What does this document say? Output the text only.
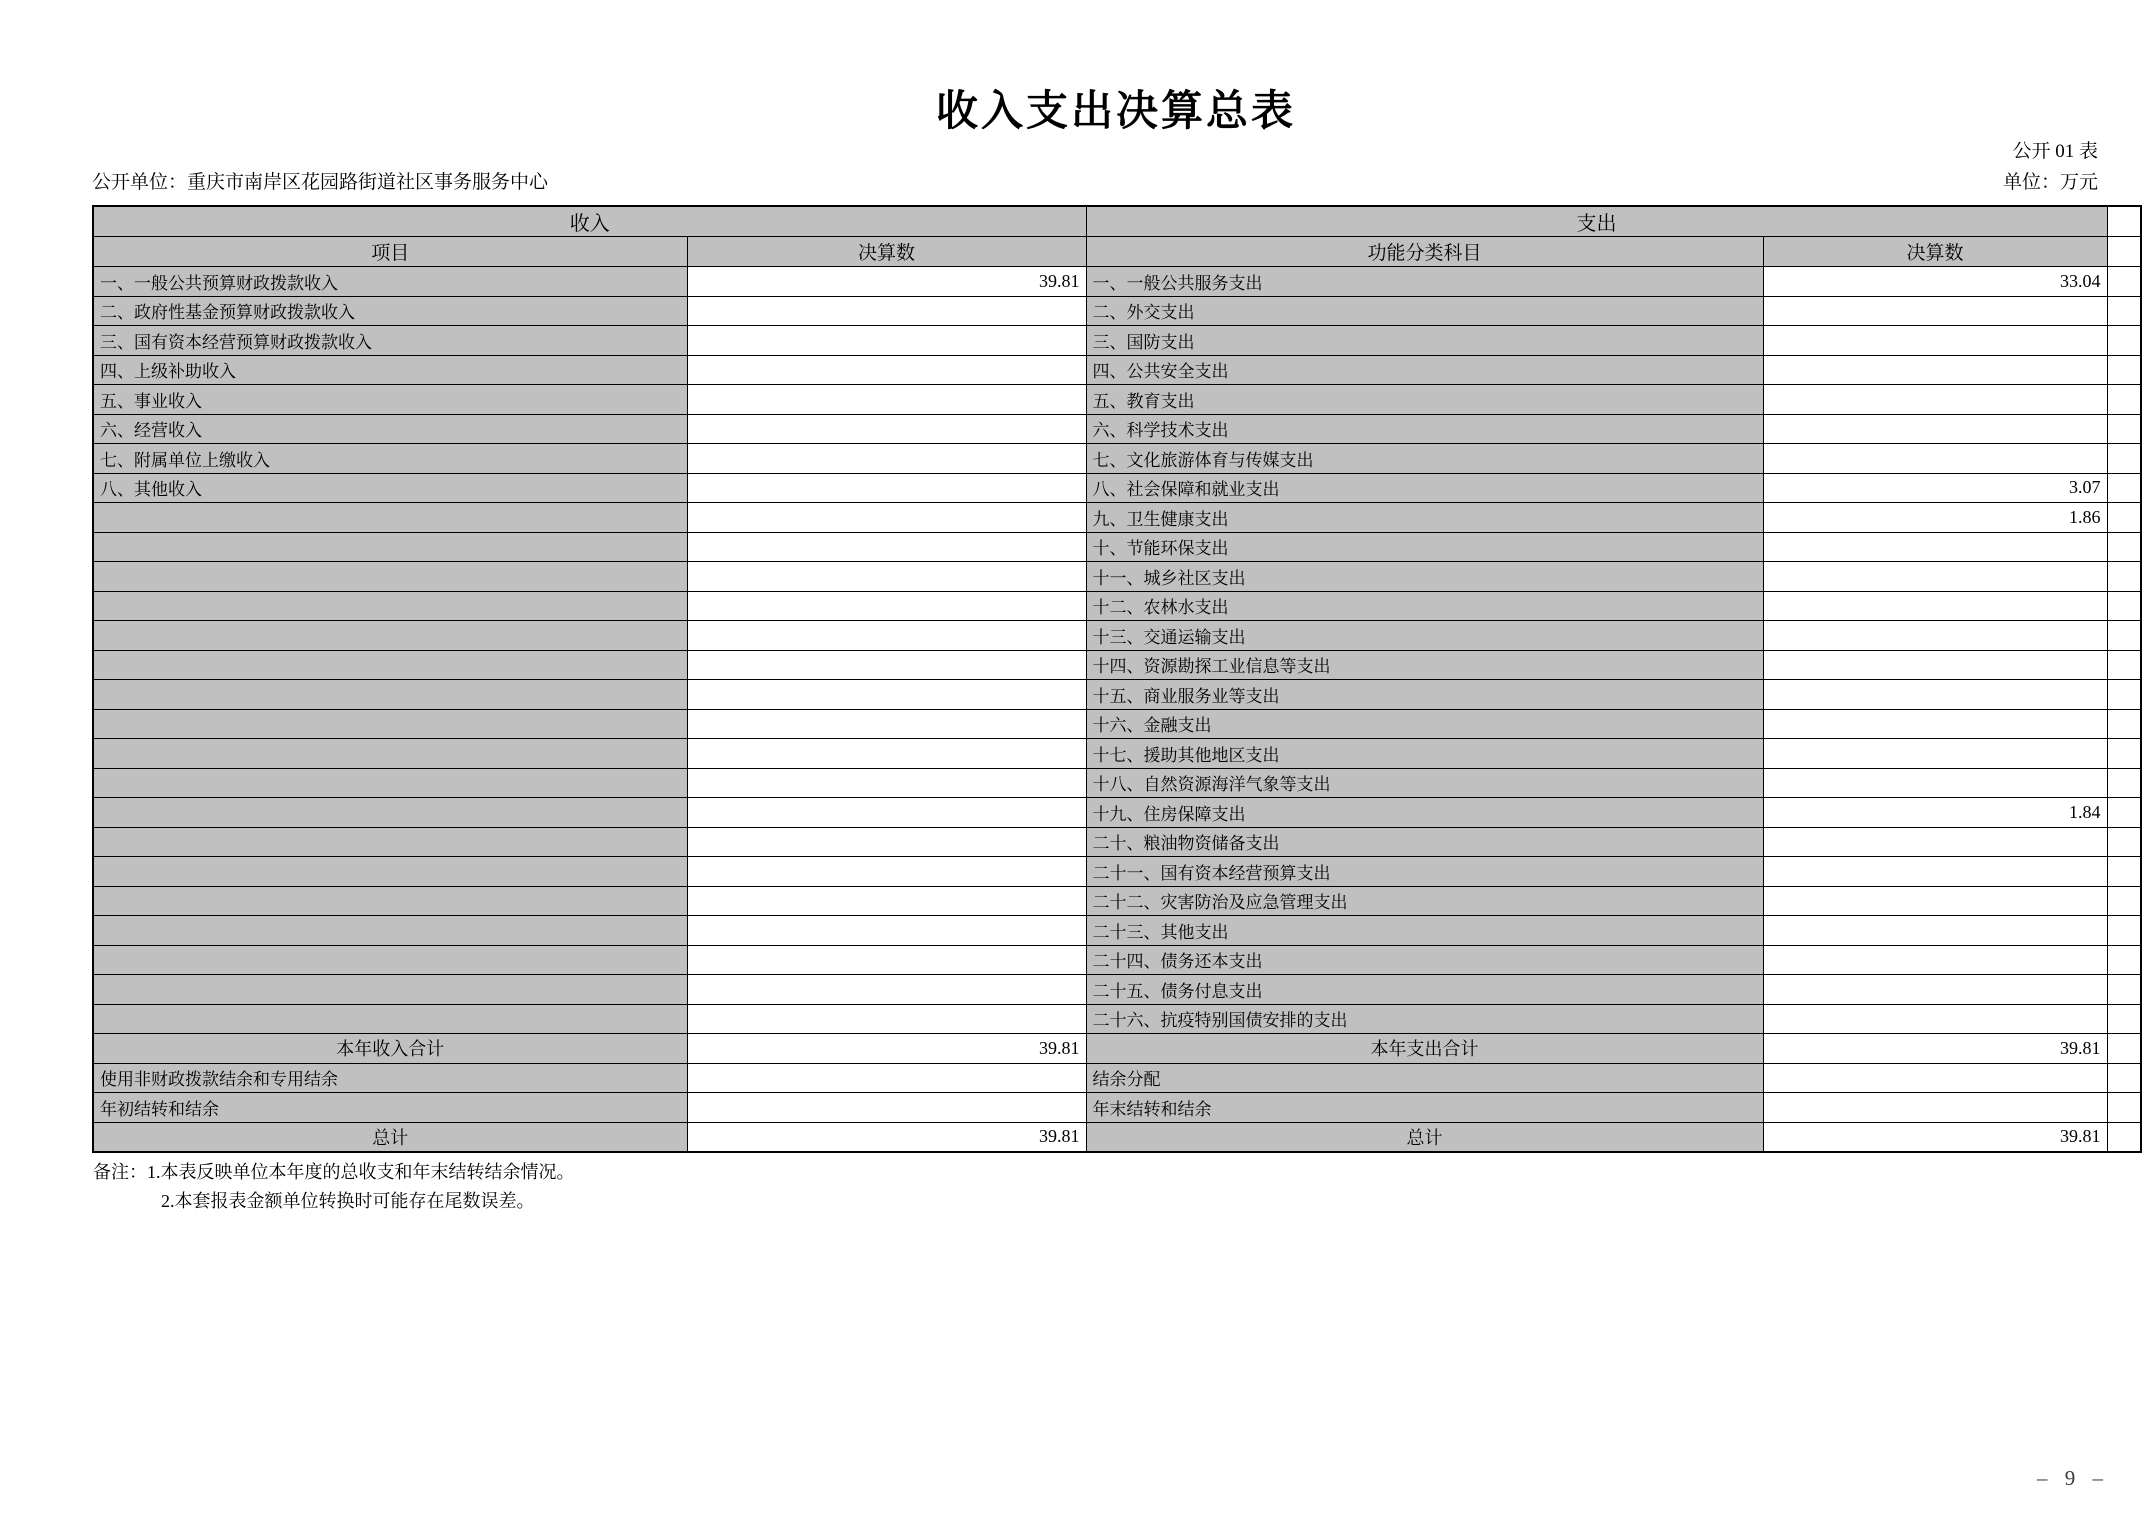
收入支出决算总表
公开 01 表
公开单位：重庆市南岸区花园路街道社区事务服务中心	单位：万元
收入		支出		
项目	决算数	功能分类科目	决算数	
一、一般公共预算财政拨款收入	39.81	一、一般公共服务支出	33.04	
二、政府性基金预算财政拨款收入		二、外交支出		
三、国有资本经营预算财政拨款收入		三、国防支出		
四、上级补助收入		四、公共安全支出		
五、事业收入		五、教育支出		
六、经营收入		六、科学技术支出		
七、附属单位上缴收入		七、文化旅游体育与传媒支出		
八、其他收入		八、社会保障和就业支出	3.07	
		九、卫生健康支出	1.86	
		十、节能环保支出		
		十一、城乡社区支出		
		十二、农林水支出		
		十三、交通运输支出		
		十四、资源勘探工业信息等支出		
		十五、商业服务业等支出		
		十六、金融支出		
		十七、援助其他地区支出		
		十八、自然资源海洋气象等支出		
		十九、住房保障支出	1.84	
		二十、粮油物资储备支出		
		二十一、国有资本经营预算支出		
		二十二、灾害防治及应急管理支出		
		二十三、其他支出		
		二十四、债务还本支出		
		二十五、债务付息支出		
		二十六、抗疫特别国债安排的支出		
本年收入合计	39.81	本年支出合计	39.81	
使用非财政拨款结余和专用结余		结余分配		
年初结转和结余		年末结转和结余		
总计	39.81	总计	39.81	
备注：1.本表反映单位本年度的总收支和年末结转结余情况。
2.本套报表金额单位转换时可能存在尾数误差。
– 9 –
